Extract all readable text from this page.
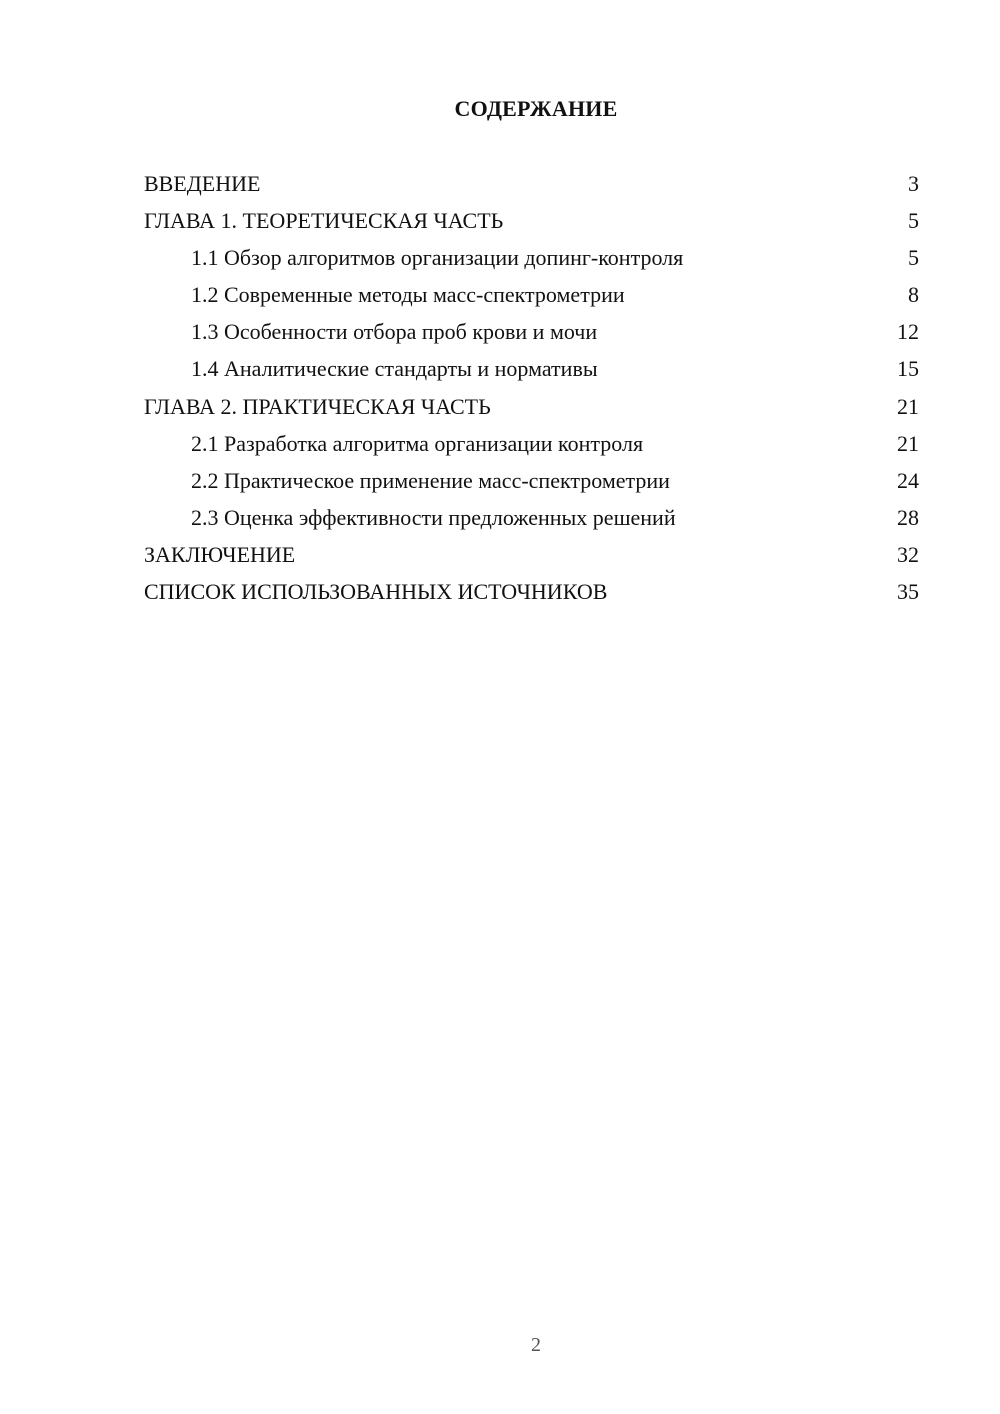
СОДЕРЖАНИЕ
ВВЕДЕНИЕ	3
ГЛАВА 1. ТЕОРЕТИЧЕСКАЯ ЧАСТЬ	5
1.1 Обзор алгоритмов организации допинг-контроля	5
1.2 Современные методы масс-спектрометрии	8
1.3 Особенности отбора проб крови и мочи	12
1.4 Аналитические стандарты и нормативы	15
ГЛАВА 2. ПРАКТИЧЕСКАЯ ЧАСТЬ	21
2.1 Разработка алгоритма организации контроля	21
2.2 Практическое применение масс-спектрометрии	24
2.3 Оценка эффективности предложенных решений	28
ЗАКЛЮЧЕНИЕ	32
СПИСОК ИСПОЛЬЗОВАННЫХ ИСТОЧНИКОВ	35
2
